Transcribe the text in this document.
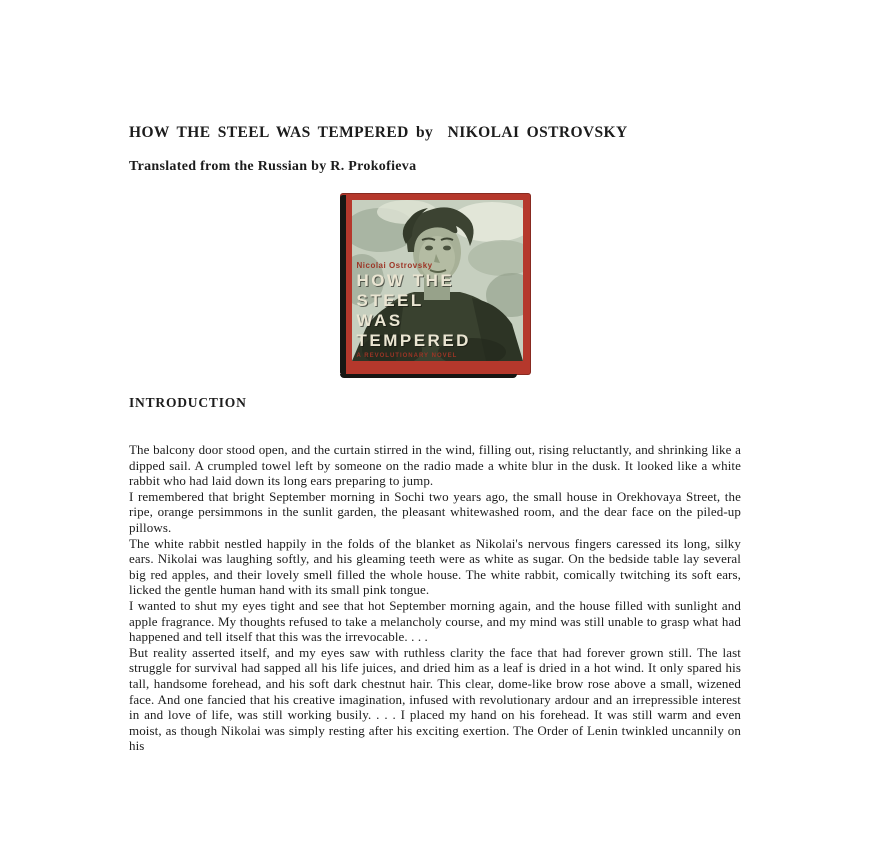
HOW THE STEEL WAS TEMPERED by  NIKOLAI OSTROVSKY
Translated from the Russian by R. Prokofieva
Nicolai Ostrovsky
HOW THE STEEL
WAS TEMPERED
A REVOLUTIONARY NOVEL
INTRODUCTION

The balcony door stood open, and the curtain stirred in the wind, filling out, rising reluctantly, and shrinking like a dipped sail. A crumpled towel left by someone on the radio made a white blur in the dusk. It looked like a white rabbit who had laid down its long ears preparing to jump.

I remembered that bright September morning in Sochi two years ago, the small house in Orekhovaya Street, the ripe, orange persimmons in the sunlit garden, the pleasant whitewashed room, and the dear face on the piled-up pillows.

The white rabbit nestled happily in the folds of the blanket as Nikolai's nervous fingers caressed its long, silky ears. Nikolai was laughing softly, and his gleaming teeth were as white as sugar. On the bedside table lay several big red apples, and their lovely smell filled the whole house. The white rabbit, comically twitching its soft ears, licked the gentle human hand with its small pink tongue.

I wanted to shut my eyes tight and see that hot September morning again, and the house filled with sunlight and apple fragrance. My thoughts refused to take a melancholy course, and my mind was still unable to grasp what had happened and tell itself that this was the irrevocable. . . .

But reality asserted itself, and my eyes saw with ruthless clarity the face that had forever grown still. The last struggle for survival had sapped all his life juices, and dried him as a leaf is dried in a hot wind. It only spared his tall, handsome forehead, and his soft dark chestnut hair. This clear, dome-like brow rose above a small, wizened face. And one fancied that his creative imagination, infused with revolutionary ardour and an irrepressible interest in and love of life, was still working busily. . . . I placed my hand on his forehead. It was still warm and even moist, as though Nikolai was simply resting after his exciting exertion. The Order of Lenin twinkled uncannily on his
